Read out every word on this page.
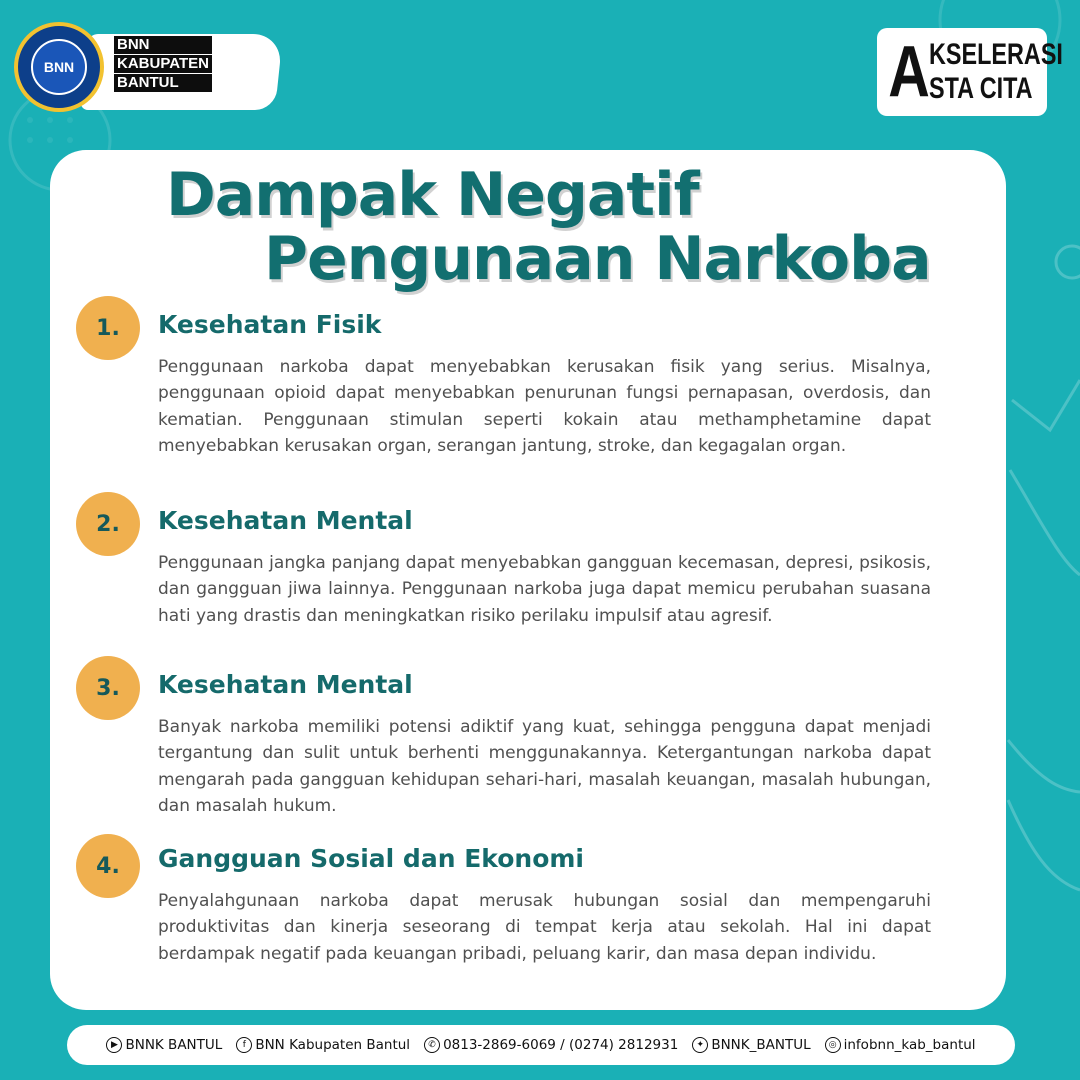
BNN
BNN
KABUPATEN
BANTUL	A KSELERASI
STA CITA
Dampak Negatif
Pengunaan Narkoba
1.	Kesehatan Fisik
Penggunaan narkoba dapat menyebabkan kerusakan fisik yang serius. Misalnya, penggunaan opioid dapat menyebabkan penurunan fungsi pernapasan, overdosis, dan kematian. Penggunaan stimulan seperti kokain atau methamphetamine dapat menyebabkan kerusakan organ, serangan jantung, stroke, dan kegagalan organ.
2.	Kesehatan Mental
Penggunaan jangka panjang dapat menyebabkan gangguan kecemasan, depresi, psikosis, dan gangguan jiwa lainnya. Penggunaan narkoba juga dapat memicu perubahan suasana hati yang drastis dan meningkatkan risiko perilaku impulsif atau agresif.
3.	Kesehatan Mental
Banyak narkoba memiliki potensi adiktif yang kuat, sehingga pengguna dapat menjadi tergantung dan sulit untuk berhenti menggunakannya. Ketergantungan narkoba dapat mengarah pada gangguan kehidupan sehari-hari, masalah keuangan, masalah hubungan, dan masalah hukum.
4.	Gangguan Sosial dan Ekonomi
Penyalahgunaan narkoba dapat merusak hubungan sosial dan mempengaruhi produktivitas dan kinerja seseorang di tempat kerja atau sekolah. Hal ini dapat berdampak negatif pada keuangan pribadi, peluang karir, dan masa depan individu.
▶ BNNK BANTUL	f BNN Kabupaten Bantul	✆ 0813-2869-6069 / (0274) 2812931	✦ BNNK_BANTUL	◎ infobnn_kab_bantul
